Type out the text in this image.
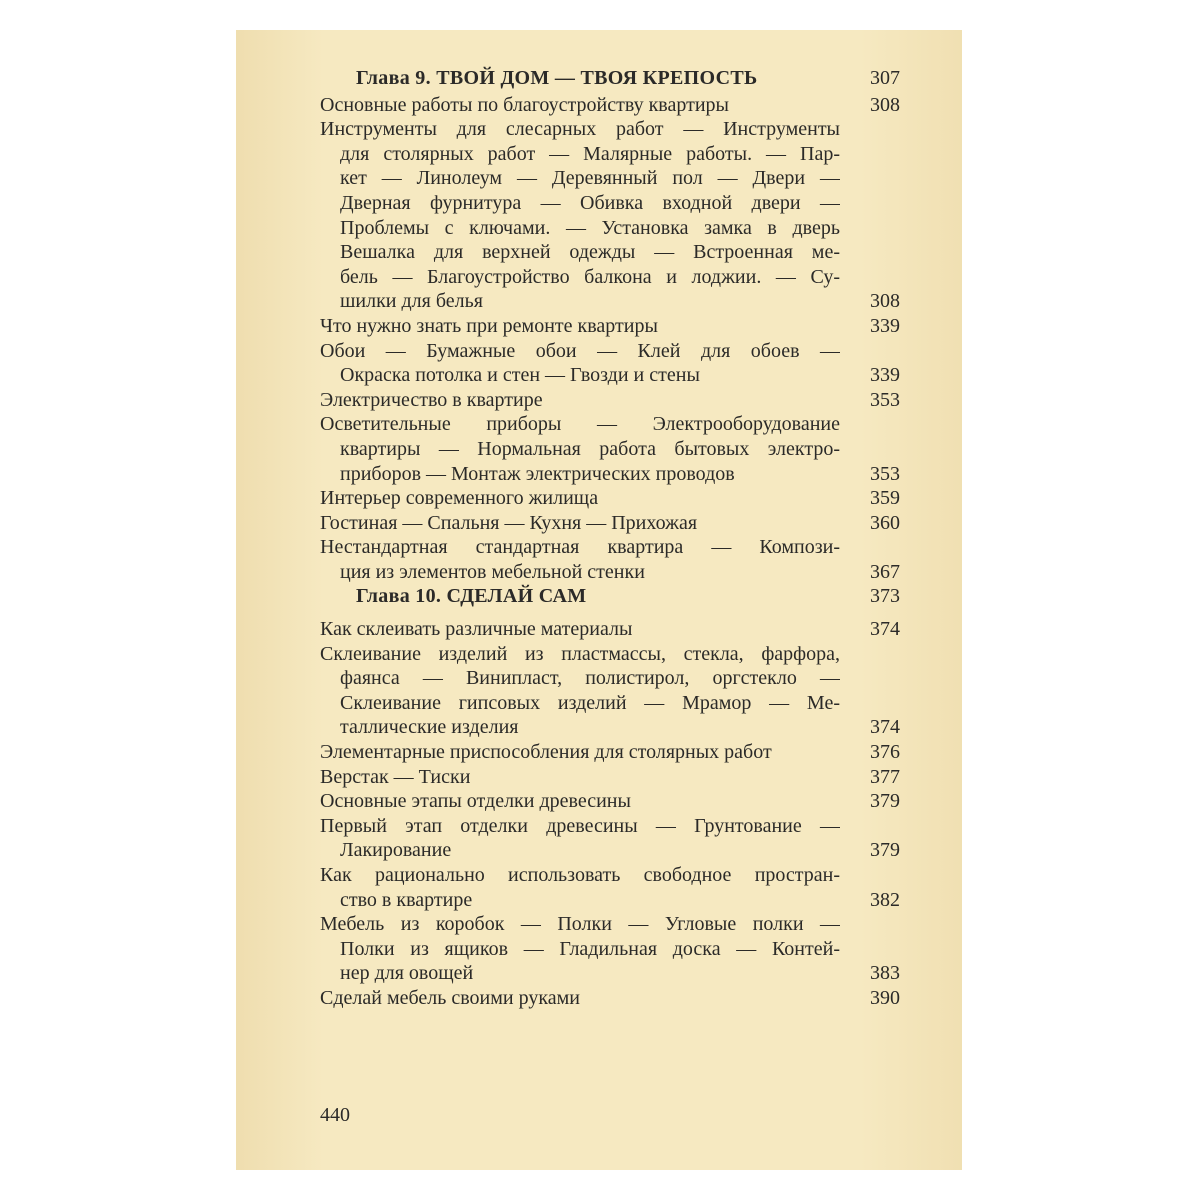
Глава 9. ТВОЙ ДОМ — ТВОЯ КРЕПОСТЬ	307
Основные работы по благоустройству квартиры	308
Инструменты для слесарных работ — Инструменты
для столярных работ — Малярные работы. — Пар-
кет — Линолеум — Деревянный пол — Двери —
Дверная фурнитура — Обивка входной двери —
Проблемы с ключами. — Установка замка в дверь
Вешалка для верхней одежды — Встроенная ме-
бель — Благоустройство балкона и лоджии. — Су-
шилки для белья	308
Что нужно знать при ремонте квартиры	339
Обои — Бумажные обои — Клей для обоев —
Окраска потолка и стен — Гвозди и стены	339
Электричество в квартире	353
Осветительные приборы — Электрооборудование
квартиры — Нормальная работа бытовых электро-
приборов — Монтаж электрических проводов	353
Интерьер современного жилища	359
Гостиная — Спальня — Кухня — Прихожая	360
Нестандартная стандартная квартира — Компози-
ция из элементов мебельной стенки	367
Глава 10. СДЕЛАЙ САМ	373
Как склеивать различные материалы	374
Склеивание изделий из пластмассы, стекла, фарфора,
фаянса — Винипласт, полистирол, оргстекло —
Склеивание гипсовых изделий — Мрамор — Ме-
таллические изделия	374
Элементарные приспособления для столярных работ	376
Верстак — Тиски	377
Основные этапы отделки древесины	379
Первый этап отделки древесины — Грунтование —
Лакирование	379
Как рационально использовать свободное простран-
ство в квартире	382
Мебель из коробок — Полки — Угловые полки —
Полки из ящиков — Гладильная доска — Контей-
нер для овощей	383
Сделай мебель своими руками	390
440
